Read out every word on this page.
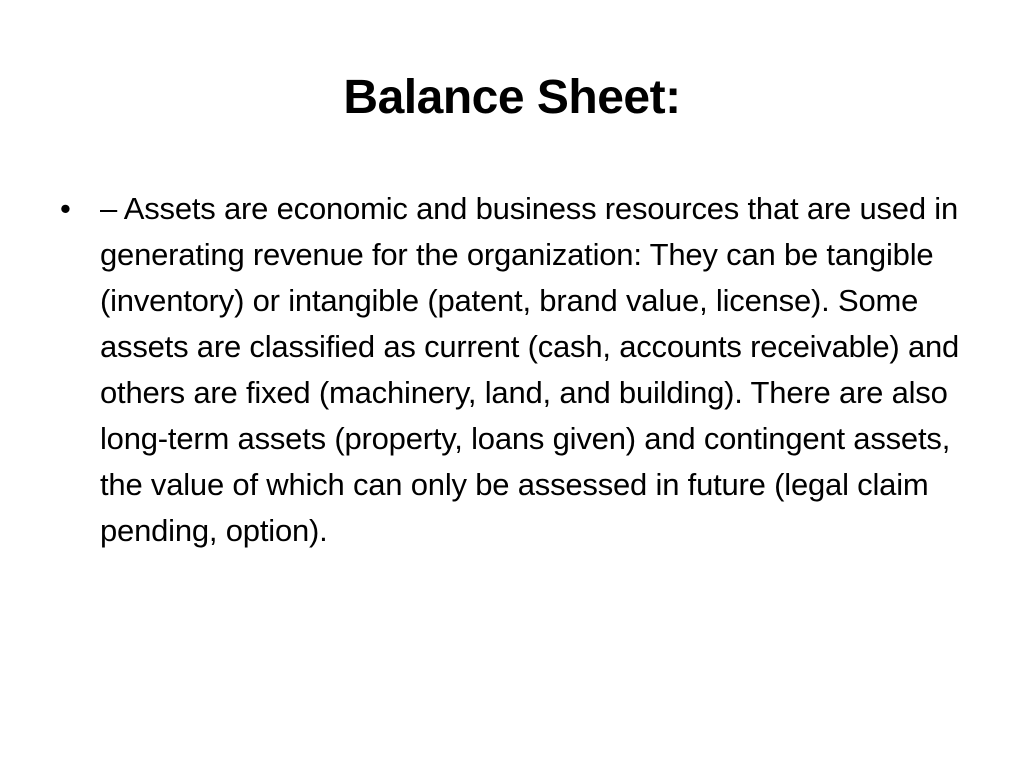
Balance Sheet:
• – Assets are economic and business resources that are used in generating revenue for the organization: They can be tangible (inventory) or intangible (patent, brand value, license). Some assets are classified as current (cash, accounts receivable) and others are fixed (machinery, land, and building). There are also long-term assets (property, loans given) and contingent assets, the value of which can only be assessed in future (legal claim pending, option).
